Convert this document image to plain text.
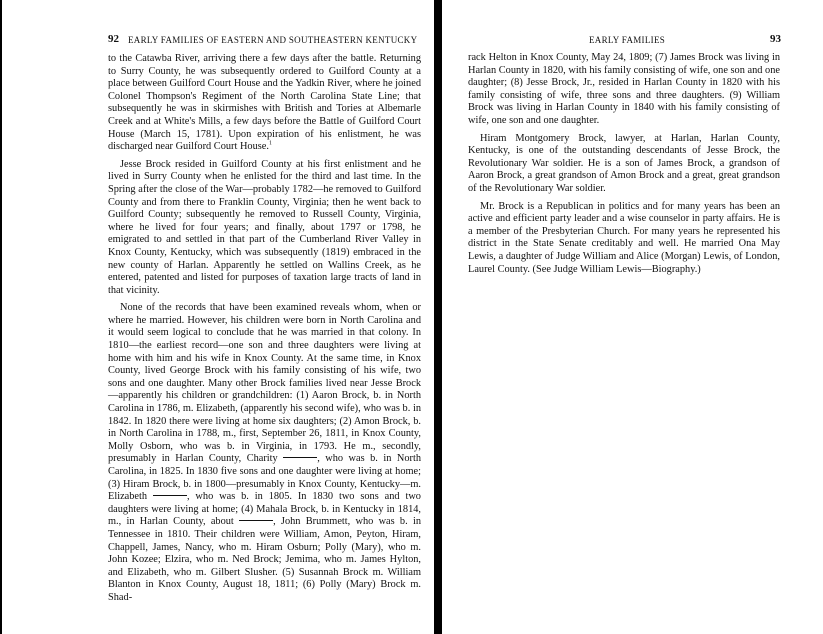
92 EARLY FAMILIES OF EASTERN AND SOUTHEASTERN KENTUCKY

to the Catawba River, arriving there a few days after the battle. Returning to Surry County, he was subsequently ordered to Guilford County at a place between Guilford Court House and the Yadkin River, where he joined Colonel Thompson's Regiment of the North Carolina State Line; that subsequently he was in skirmishes with British and Tories at Albemarle Creek and at White's Mills, a few days before the Battle of Guilford Court House (March 15, 1781). Upon expiration of his enlistment, he was discharged near Guilford Court House.$^1$

Jesse Brock resided in Guilford County at his first enlistment and he lived in Surry County when he enlisted for the third and last time. In the Spring after the close of the War—probably 1782—he removed to Guilford County and from there to Franklin County, Virginia; then he went back to Guilford County; subsequently he removed to Russell County, Virginia, where he lived for four years; and finally, about 1797 or 1798, he emigrated to and settled in that part of the Cumberland River Valley in Knox County, Kentucky, which was subsequently (1819) embraced in the new county of Harlan. Apparently he settled on Wallins Creek, as he entered, patented and listed for purposes of taxation large tracts of land in that vicinity.

None of the records that have been examined reveals whom, when or where he married. However, his children were born in North Carolina and it would seem logical to conclude that he was married in that colony. In 1810—the earliest record—one son and three daughters were living at home with him and his wife in Knox County. At the same time, in Knox County, lived George Brock with his family consisting of his wife, two sons and one daughter. Many other Brock families lived near Jesse Brock—apparently his children or grandchildren: (1) Aaron Brock, b. in North Carolina in 1786, m. Elizabeth, (apparently his second wife), who was b. in 1842. In 1820 there were living at home six daughters; (2) Amon Brock, b. in North Carolina in 1788, m., first, September 26, 1811, in Knox County, Molly Osborn, who was b. in Virginia, in 1793. He m., secondly, presumably in Harlan County, Charity	, who was b. in North Carolina, in 1825. In 1830 five sons and one daughter were living at home; (3) Hiram Brock, b. in 1800—presumably in Knox County, Kentucky—m. Elizabeth	, who was b. in 1805. In 1830 two sons and two daughters were living at home; (4) Mahala Brock, b. in Kentucky in 1814, m., in Harlan County, about	, John Brummett, who was b. in Tennessee in 1810. Their children were William, Amon, Peyton, Hiram, Chappell, James, Nancy, who m. Hiram Osburn; Polly (Mary), who m. John Kozee; Elzira, who m. Ned Brock; Jemima, who m. James Hylton, and Elizabeth, who m. Gilbert Slusher. (5) Susannah Brock m. William Blanton in Knox County, August 18, 1811; (6) Polly (Mary) Brock m. Shad-

EARLY FAMILIES	93

rack Helton in Knox County, May 24, 1809; (7) James Brock was living in Harlan County in 1820, with his family consisting of wife, one son and one daughter; (8) Jesse Brock, Jr., resided in Harlan County in 1820 with his family consisting of wife, three sons and three daughters. (9) William Brock was living in Harlan County in 1840 with his family consisting of wife, one son and one daughter.

Hiram Montgomery Brock, lawyer, at Harlan, Harlan County, Kentucky, is one of the outstanding descendants of Jesse Brock, the Revolutionary War soldier. He is a son of James Brock, a grandson of Aaron Brock, a great grandson of Amon Brock and a great, great grandson of the Revolutionary War soldier.

Mr. Brock is a Republican in politics and for many years has been an active and efficient party leader and a wise counselor in party affairs. He is a member of the Presbyterian Church. For many years he represented his district in the State Senate creditably and well. He married Ona May Lewis, a daughter of Judge William and Alice (Morgan) Lewis, of London, Laurel County. (See Judge William Lewis—Biography.)
